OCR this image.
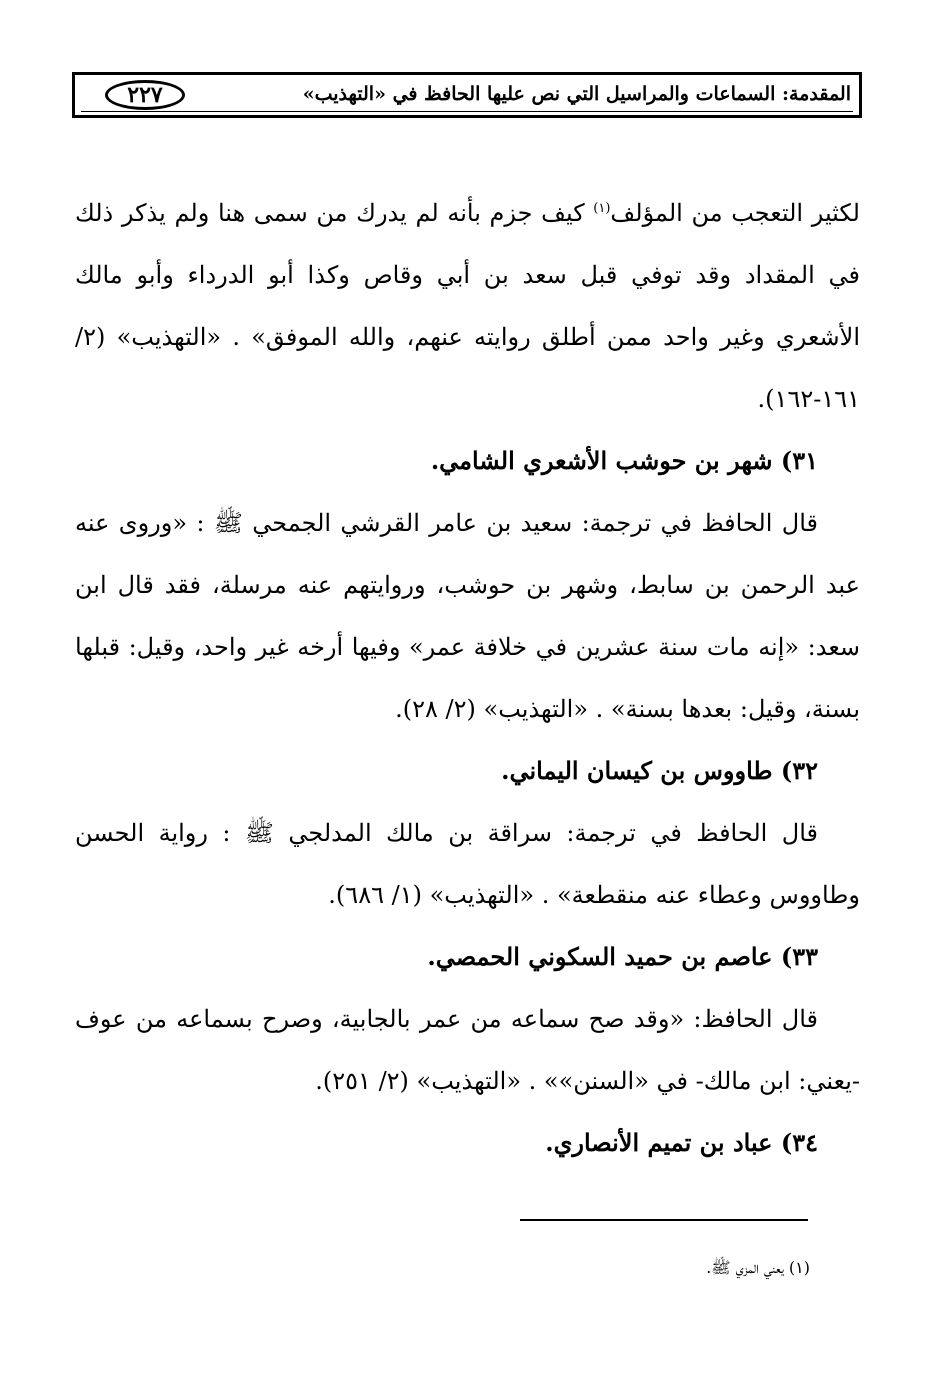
المقدمة: السماعات والمراسيل التي نص عليها الحافظ في «التهذيب»
٢٢٧

لكثير التعجب من المؤلف$^{(١)}$ كيف جزم بأنه لم يدرك من سمى هنا ولم يذكر ذلك في المقداد وقد توفي قبل سعد بن أبي وقاص وكذا أبو الدرداء وأبو مالك الأشعري وغير واحد ممن أطلق روايته عنهم، والله الموفق» . «التهذيب» (٢/ ١٦١-١٦٢).

٣١) شهر بن حوشب الأشعري الشامي.

قال الحافظ في ترجمة: سعيد بن عامر القرشي الجمحي ﷺ : «وروى عنه عبد الرحمن بن سابط، وشهر بن حوشب، وروايتهم عنه مرسلة، فقد قال ابن سعد: «إنه مات سنة عشرين في خلافة عمر» وفيها أرخه غير واحد، وقيل: قبلها بسنة، وقيل: بعدها بسنة» . «التهذيب» (٢/ ٢٨).

٣٢) طاووس بن كيسان اليماني.

قال الحافظ في ترجمة: سراقة بن مالك المدلجي ﷺ : رواية الحسن وطاووس وعطاء عنه منقطعة» . «التهذيب» (١/ ٦٨٦).

٣٣) عاصم بن حميد السكوني الحمصي.

قال الحافظ: «وقد صح سماعه من عمر بالجابية، وصرح بسماعه من عوف -يعني: ابن مالك- في «السنن»» . «التهذيب» (٢/ ٢٥١).

٣٤) عباد بن تميم الأنصاري.

(١) يعني المزي ﷺ.
